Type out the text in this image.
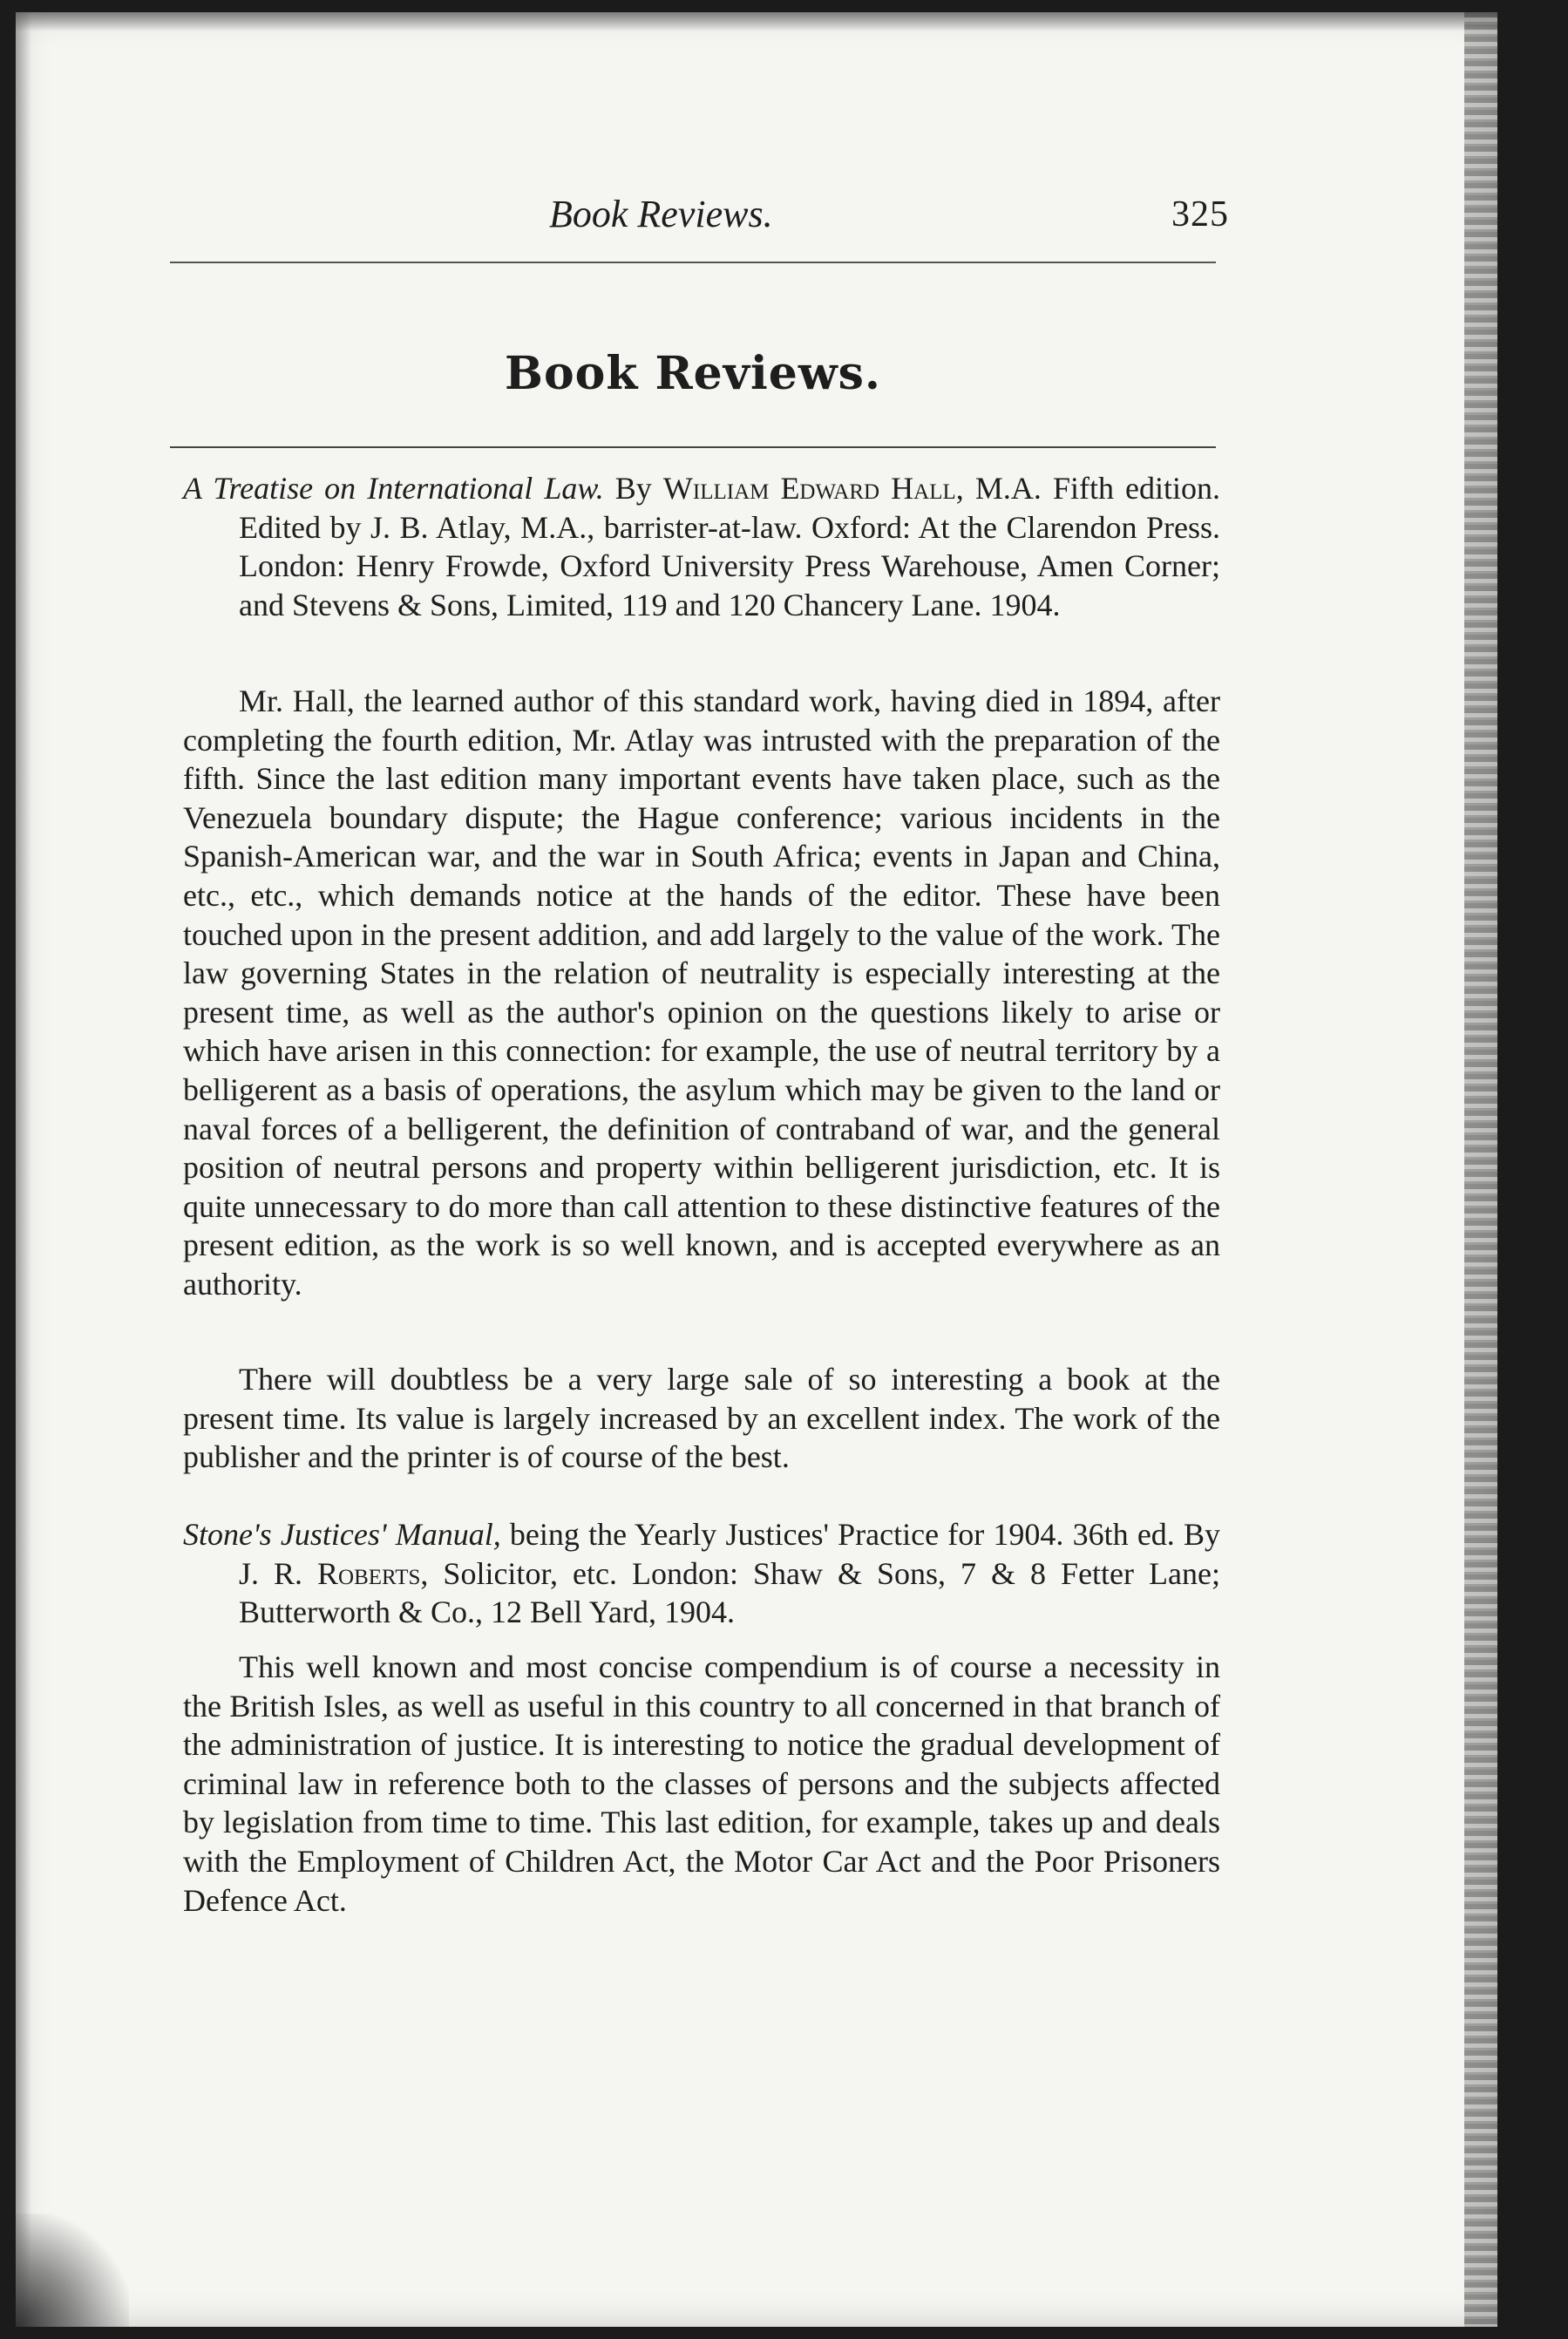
Book Reviews.	325
Book Reviews.
A Treatise on International Law. By William Edward Hall, M.A. Fifth edition. Edited by J. B. Atlay, M.A., barrister-at-law. Oxford: At the Clarendon Press. London: Henry Frowde, Oxford University Press Warehouse, Amen Corner; and Stevens & Sons, Limited, 119 and 120 Chancery Lane. 1904.

Mr. Hall, the learned author of this standard work, having died in 1894, after completing the fourth edition, Mr. Atlay was intrusted with the preparation of the fifth. Since the last edition many important events have taken place, such as the Venezuela boundary dispute; the Hague conference; various incidents in the Spanish-American war, and the war in South Africa; events in Japan and China, etc., etc., which demands notice at the hands of the editor. These have been touched upon in the present addition, and add largely to the value of the work. The law governing States in the relation of neutrality is especially interesting at the present time, as well as the author's opinion on the questions likely to arise or which have arisen in this connection: for example, the use of neutral territory by a belligerent as a basis of operations, the asylum which may be given to the land or naval forces of a belligerent, the definition of contraband of war, and the general position of neutral persons and property within belligerent jurisdiction, etc. It is quite unnecessary to do more than call attention to these distinctive features of the present edition, as the work is so well known, and is accepted everywhere as an authority.

There will doubtless be a very large sale of so interesting a book at the present time. Its value is largely increased by an excellent index. The work of the publisher and the printer is of course of the best.

Stone's Justices' Manual, being the Yearly Justices' Practice for 1904. 36th ed. By J. R. Roberts, Solicitor, etc. London: Shaw & Sons, 7 & 8 Fetter Lane; Butterworth & Co., 12 Bell Yard, 1904.

This well known and most concise compendium is of course a necessity in the British Isles, as well as useful in this country to all concerned in that branch of the administration of justice. It is interesting to notice the gradual development of criminal law in reference both to the classes of persons and the subjects affected by legislation from time to time. This last edition, for example, takes up and deals with the Employment of Children Act, the Motor Car Act and the Poor Prisoners Defence Act.
